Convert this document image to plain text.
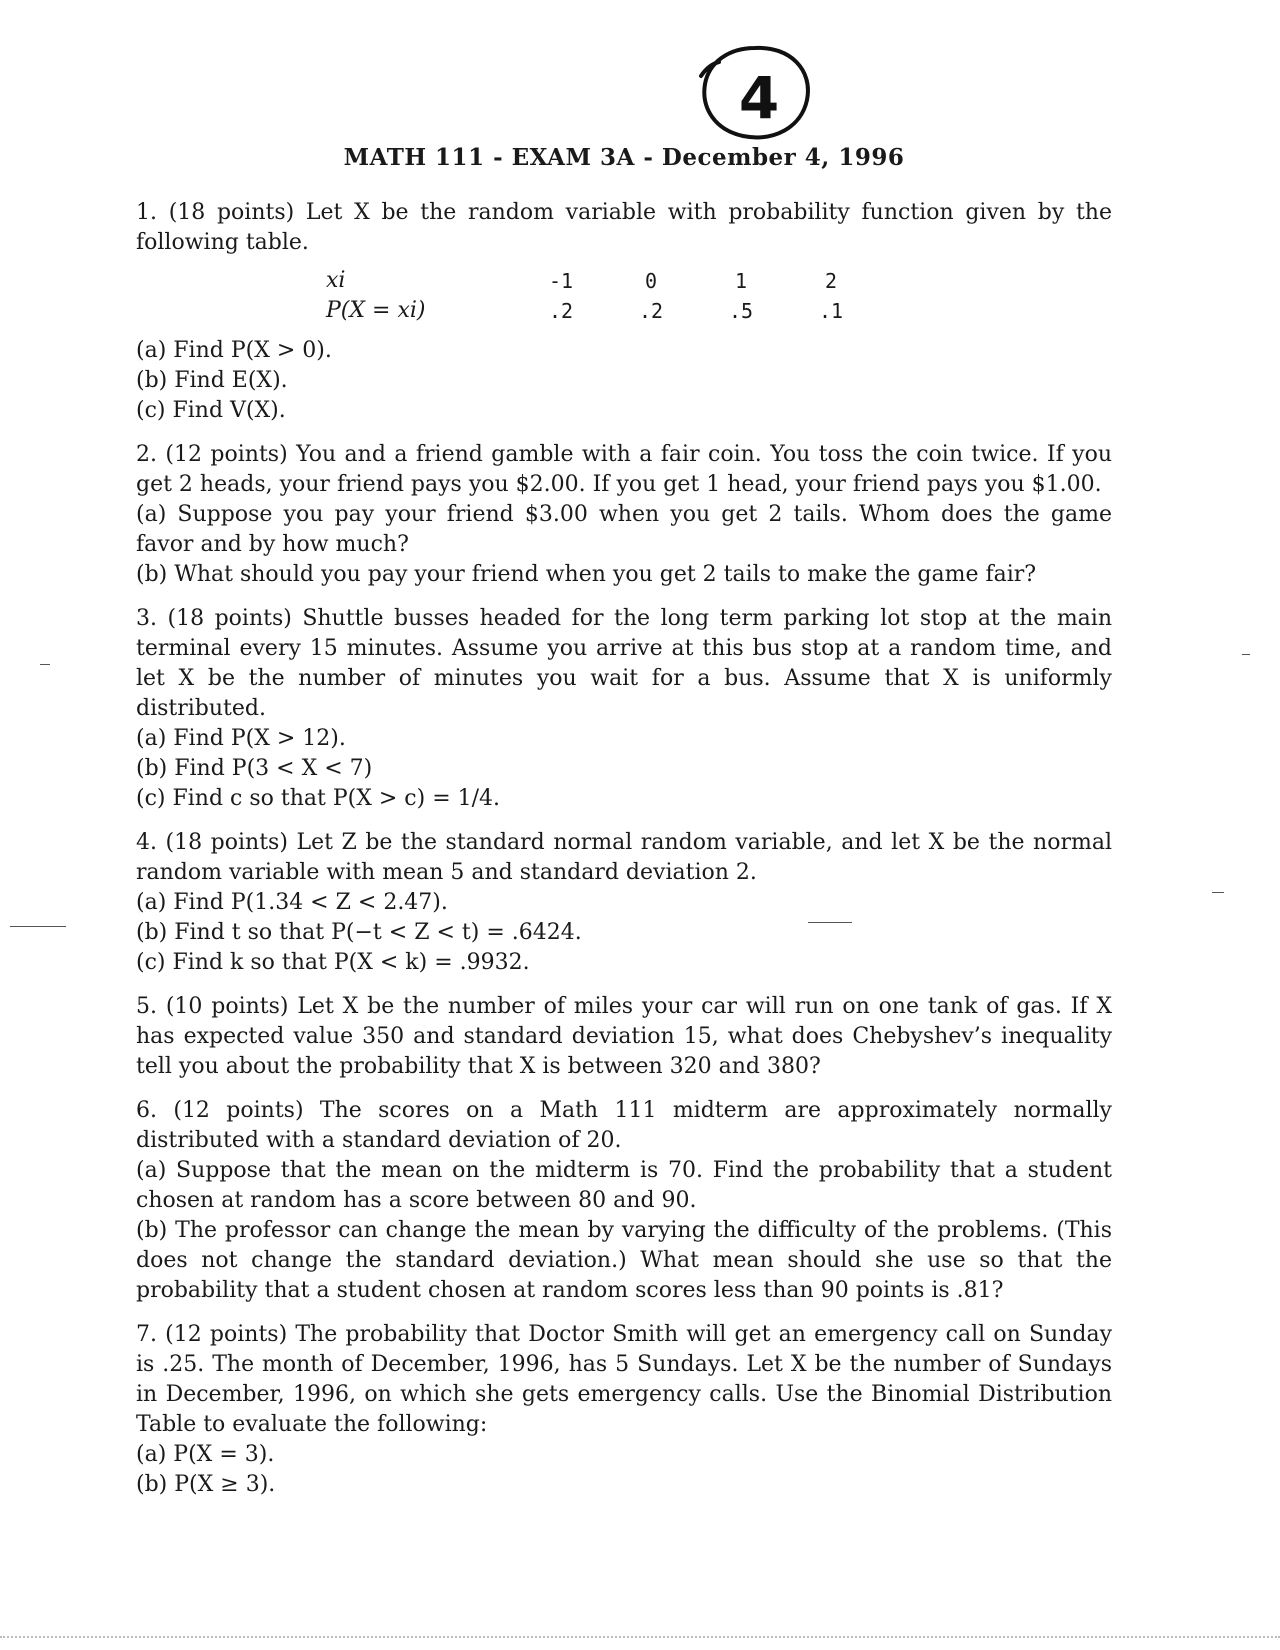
4
MATH 111 - EXAM 3A - December 4, 1996

1. (18 points) Let X be the random variable with probability function given by the following table.

xi	-1	0	1	2
P(X = xi)	.2	.2	.5	.1

(a) Find P(X > 0).

(b) Find E(X).

(c) Find V(X).

2. (12 points) You and a friend gamble with a fair coin. You toss the coin twice. If you get 2 heads, your friend pays you $2.00. If you get 1 head, your friend pays you $1.00.

(a) Suppose you pay your friend $3.00 when you get 2 tails. Whom does the game favor and by how much?

(b) What should you pay your friend when you get 2 tails to make the game fair?

3. (18 points) Shuttle busses headed for the long term parking lot stop at the main terminal every 15 minutes. Assume you arrive at this bus stop at a random time, and let X be the number of minutes you wait for a bus. Assume that X is uniformly distributed.

(a) Find P(X > 12).

(b) Find P(3 < X < 7)

(c) Find c so that P(X > c) = 1/4.

4. (18 points) Let Z be the standard normal random variable, and let X be the normal random variable with mean 5 and standard deviation 2.

(a) Find P(1.34 < Z < 2.47).

(b) Find t so that P(−t < Z < t) = .6424.

(c) Find k so that P(X < k) = .9932.

5. (10 points) Let X be the number of miles your car will run on one tank of gas. If X has expected value 350 and standard deviation 15, what does Chebyshev’s inequality tell you about the probability that X is between 320 and 380?

6. (12 points) The scores on a Math 111 midterm are approximately normally distributed with a standard deviation of 20.

(a) Suppose that the mean on the midterm is 70. Find the probability that a student chosen at random has a score between 80 and 90.

(b) The professor can change the mean by varying the difficulty of the problems. (This does not change the standard deviation.) What mean should she use so that the probability that a student chosen at random scores less than 90 points is .81?

7. (12 points) The probability that Doctor Smith will get an emergency call on Sunday is .25. The month of December, 1996, has 5 Sundays. Let X be the number of Sundays in December, 1996, on which she gets emergency calls. Use the Binomial Distribution Table to evaluate the following:

(a) P(X = 3).

(b) P(X ≥ 3).
